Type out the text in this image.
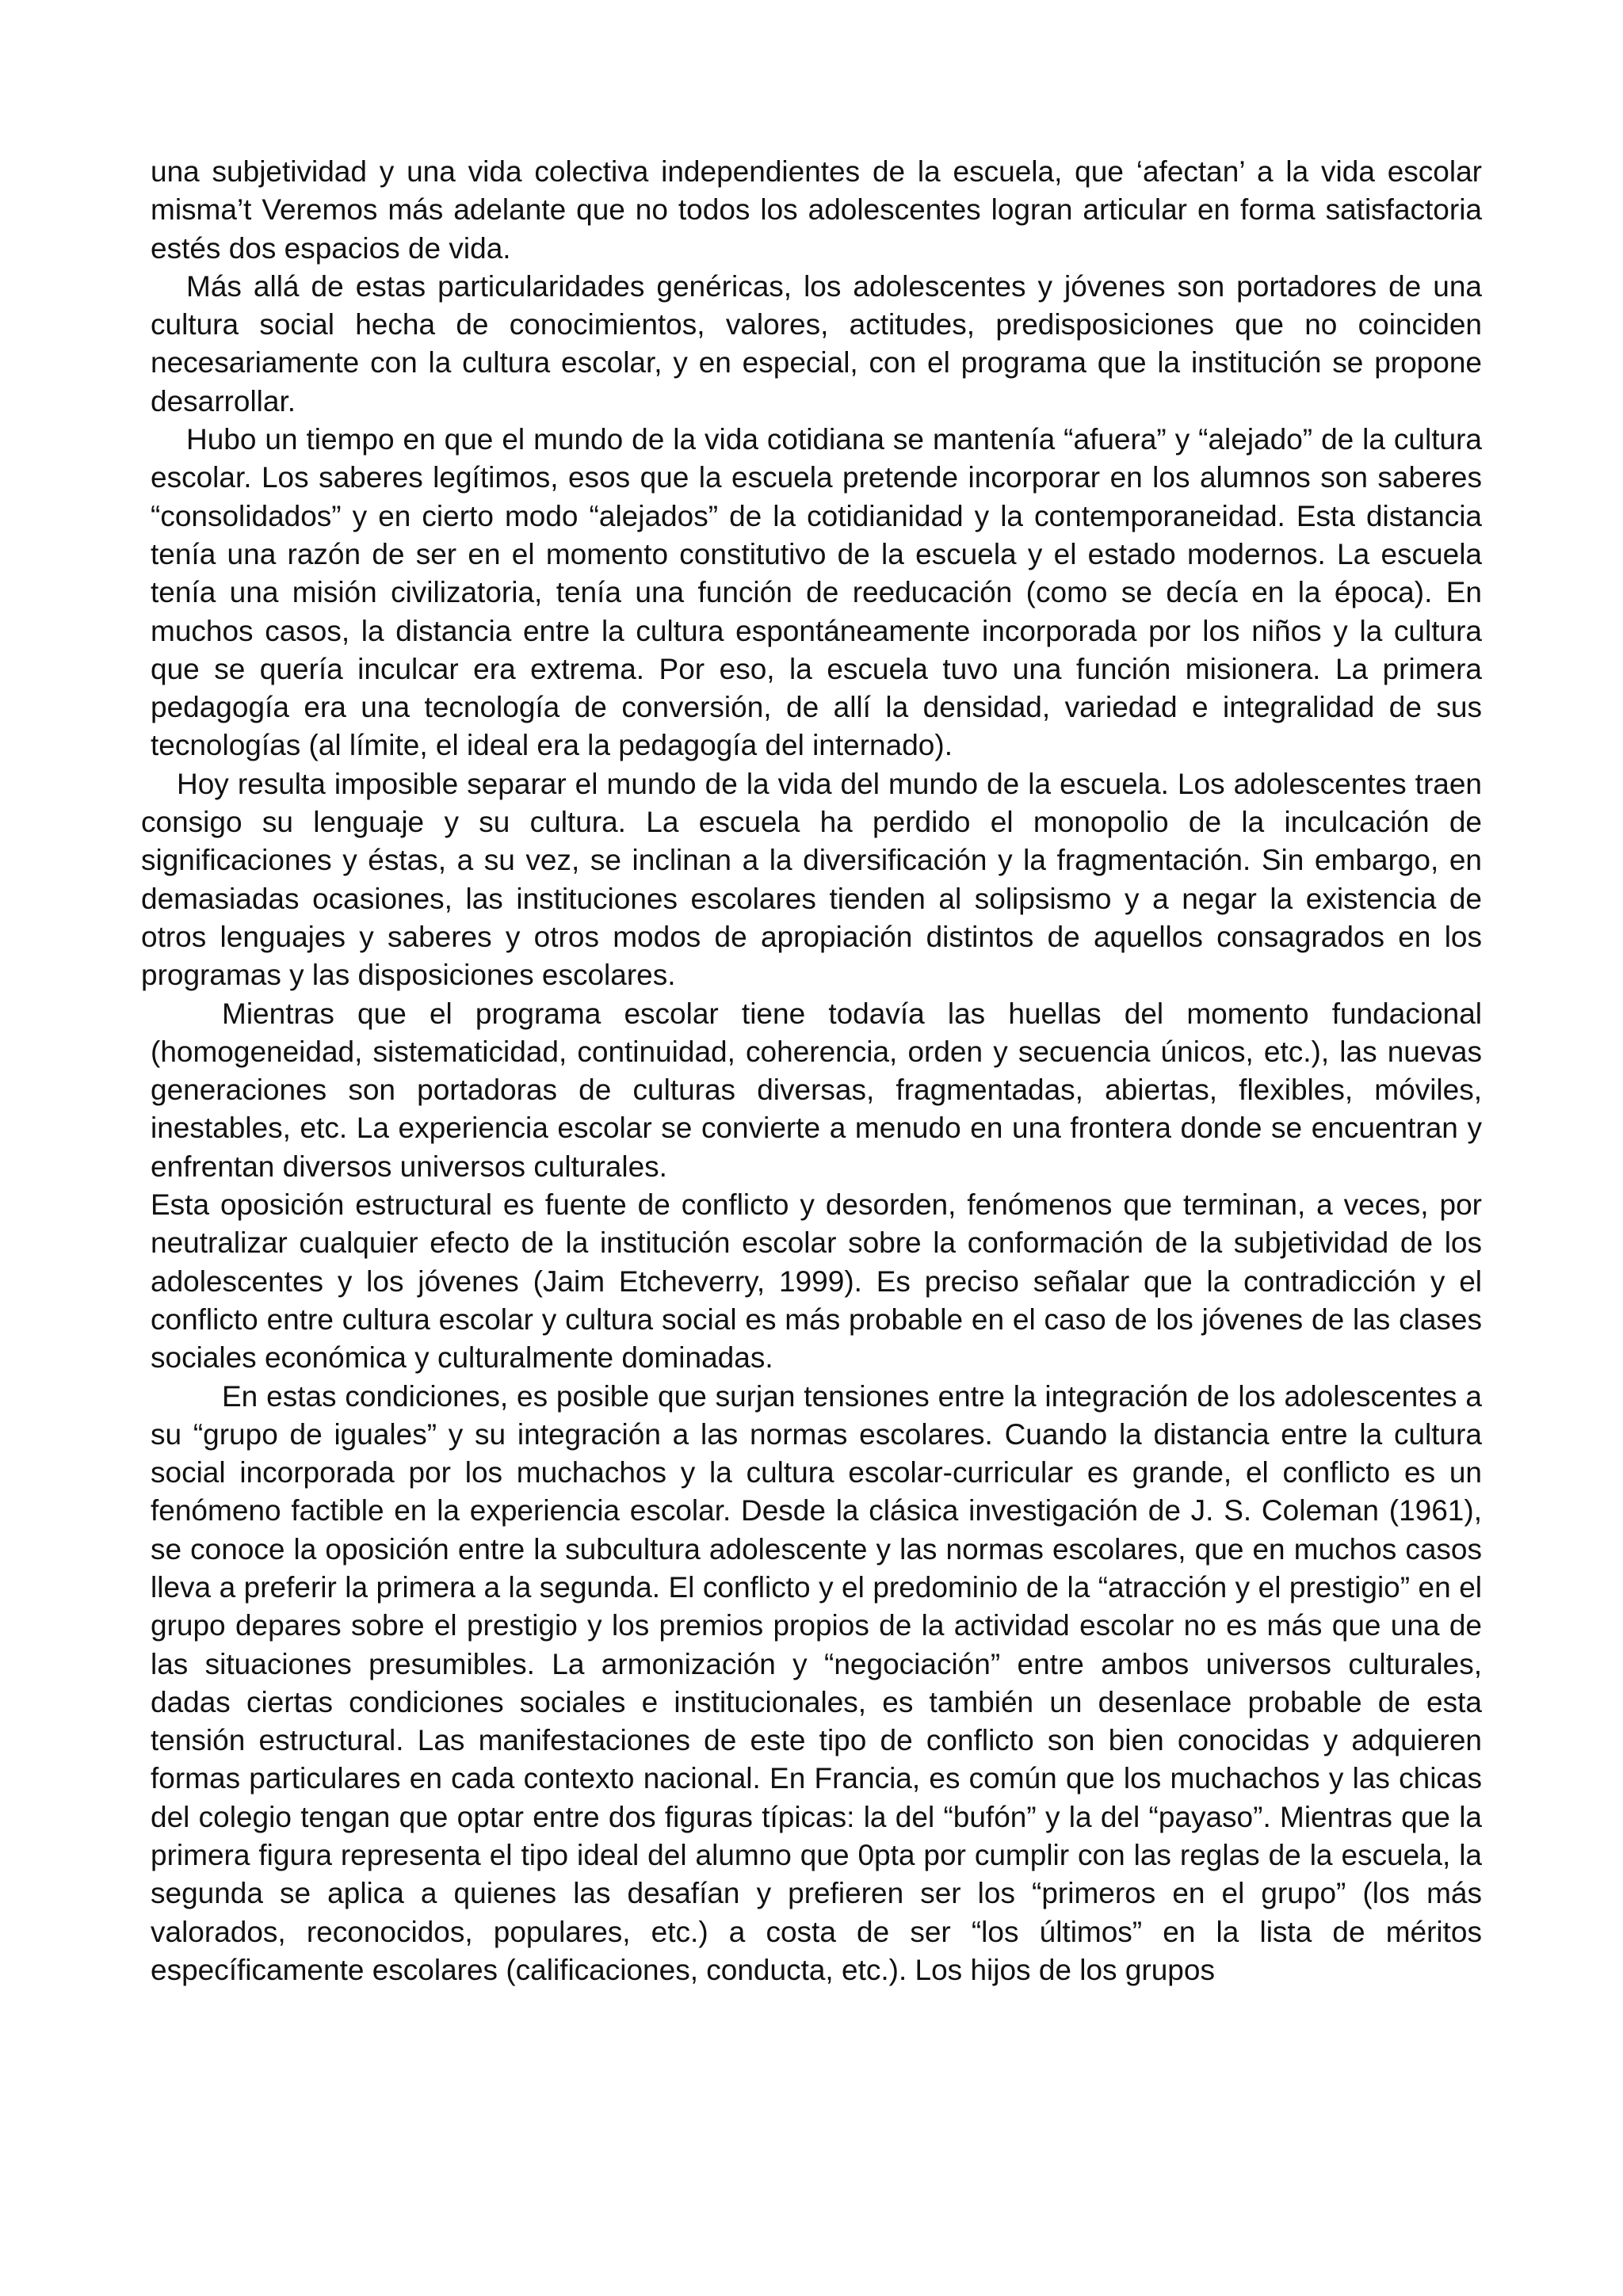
una subjetividad y una vida colectiva independientes de la escuela, que ‘afectan’ a la vida escolar misma’t Veremos más adelante que no todos los adolescentes logran articular en forma satisfactoria estés dos espacios de vida.

Más allá de estas particularidades genéricas, los adolescentes y jóvenes son portadores de una cultura social hecha de conocimientos, valores, actitudes, predisposiciones que no coinciden necesariamente con la cultura escolar, y en especial, con el programa que la institución se propone desarrollar.

Hubo un tiempo en que el mundo de la vida cotidiana se mantenía “afuera” y “alejado” de la cultura escolar. Los saberes legítimos, esos que la escuela pretende incorporar en los alumnos son saberes “consolidados” y en cierto modo “alejados” de la cotidianidad y la contemporaneidad. Esta distancia tenía una razón de ser en el momento constitutivo de la escuela y el estado modernos. La escuela tenía una misión civilizatoria, tenía una función de reeducación (como se decía en la época). En muchos casos, la distancia entre la cultura espontáneamente incorporada por los niños y la cultura que se quería inculcar era extrema. Por eso, la escuela tuvo una función misionera. La primera pedagogía era una tecnología de conversión, de allí la densidad, variedad e integralidad de sus tecnologías (al límite, el ideal era la pedagogía del internado).

Hoy resulta imposible separar el mundo de la vida del mundo de la escuela. Los adolescentes traen consigo su lenguaje y su cultura. La escuela ha perdido el monopolio de la inculcación de significaciones y éstas, a su vez, se inclinan a la diversificación y la fragmentación. Sin embargo, en demasiadas ocasiones, las instituciones escolares tienden al solipsismo y a negar la existencia de otros lenguajes y saberes y otros modos de apropiación distintos de aquellos consagrados en los programas y las disposiciones escolares.

Mientras que el programa escolar tiene todavía las huellas del momento fundacional (homogeneidad, sistematicidad, continuidad, coherencia, orden y secuencia únicos, etc.), las nuevas generaciones son portadoras de culturas diversas, fragmentadas, abiertas, flexibles, móviles, inestables, etc. La experiencia escolar se convierte a menudo en una frontera donde se encuentran y enfrentan diversos universos culturales.

Esta oposición estructural es fuente de conflicto y desorden, fenómenos que terminan, a veces, por neutralizar cualquier efecto de la institución escolar sobre la conformación de la subjetividad de los adolescentes y los jóvenes (Jaim Etcheverry, 1999). Es preciso señalar que la contradicción y el conflicto entre cultura escolar y cultura social es más probable en el caso de los jóvenes de las clases sociales económica y culturalmente dominadas.

En estas condiciones, es posible que surjan tensiones entre la integración de los adolescentes a su “grupo de iguales” y su integración a las normas escolares. Cuando la distancia entre la cultura social incorporada por los muchachos y la cultura escolar-curricular es grande, el conflicto es un fenómeno factible en la experiencia escolar. Desde la clásica investigación de J. S. Coleman (1961), se conoce la oposición entre la subcultura adolescente y las normas escolares, que en muchos casos lleva a preferir la primera a la segunda. El conflicto y el predominio de la “atracción y el prestigio” en el grupo depares sobre el prestigio y los premios propios de la actividad escolar no es más que una de las situaciones presumibles. La armonización y “negociación” entre ambos universos culturales, dadas ciertas condiciones sociales e institucionales, es también un desenlace probable de esta tensión estructural. Las manifestaciones de este tipo de conflicto son bien conocidas y adquieren formas particulares en cada contexto nacional. En Francia, es común que los muchachos y las chicas del colegio tengan que optar entre dos figuras típicas: la del “bufón” y la del “payaso”. Mientras que la primera figura representa el tipo ideal del alumno que 0pta por cumplir con las reglas de la escuela, la segunda se aplica a quienes las desafían y prefieren ser los “primeros en el grupo” (los más valorados, reconocidos, populares, etc.) a costa de ser “los últimos” en la lista de méritos específicamente escolares (calificaciones, conducta, etc.). Los hijos de los grupos
